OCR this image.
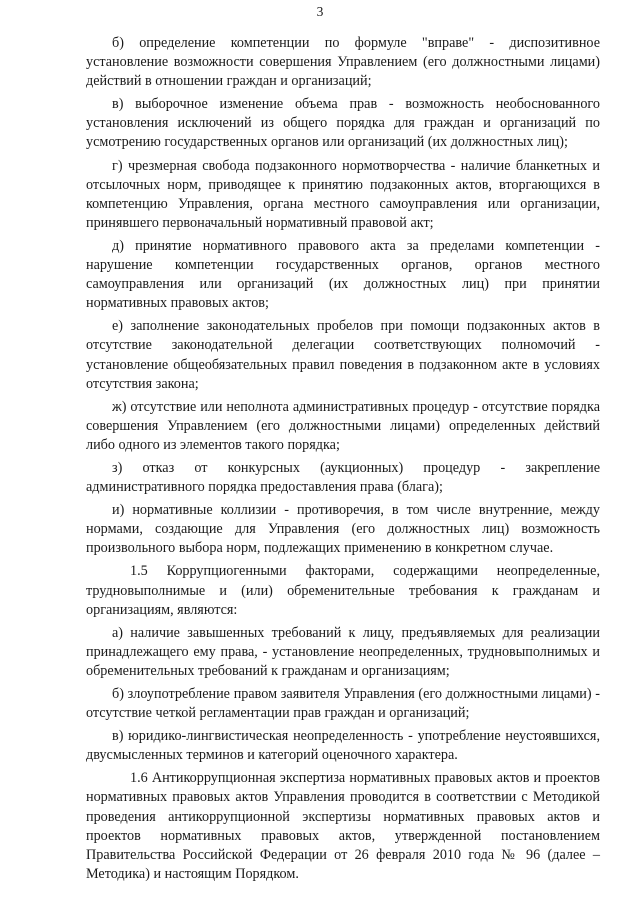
3

б) определение компетенции по формуле "вправе" - диспозитивное установление возможности совершения Управлением (его должностными лицами) действий в отношении граждан и организаций;

в) выборочное изменение объема прав - возможность необоснованного установления исключений из общего порядка для граждан и организаций по усмотрению государственных органов или организаций (их должностных лиц);

г) чрезмерная свобода подзаконного нормотворчества - наличие бланкетных и отсылочных норм, приводящее к принятию подзаконных актов, вторгающихся в компетенцию Управления, органа местного самоуправления или организации, принявшего первоначальный нормативный правовой акт;

д) принятие нормативного правового акта за пределами компетенции - нарушение компетенции государственных органов, органов местного самоуправления или организаций (их должностных лиц) при принятии нормативных правовых актов;

е) заполнение законодательных пробелов при помощи подзаконных актов в отсутствие законодательной делегации соответствующих полномочий - установление общеобязательных правил поведения в подзаконном акте в условиях отсутствия закона;

ж) отсутствие или неполнота административных процедур - отсутствие порядка совершения Управлением (его должностными лицами) определенных действий либо одного из элементов такого порядка;

з) отказ от конкурсных (аукционных) процедур - закрепление административного порядка предоставления права (блага);

и) нормативные коллизии - противоречия, в том числе внутренние, между нормами, создающие для Управления (его должностных лиц) возможность произвольного выбора норм, подлежащих применению в конкретном случае.

1.5 Коррупциогенными факторами, содержащими неопределенные, трудновыполнимые и (или) обременительные требования к гражданам и организациям, являются:

а) наличие завышенных требований к лицу, предъявляемых для реализации принадлежащего ему права, - установление неопределенных, трудновыполнимых и обременительных требований к гражданам и организациям;

б) злоупотребление правом заявителя Управления (его должностными лицами) - отсутствие четкой регламентации прав граждан и организаций;

в) юридико-лингвистическая неопределенность - употребление неустоявшихся, двусмысленных терминов и категорий оценочного характера.

1.6 Антикоррупционная экспертиза нормативных правовых актов и проектов нормативных правовых актов Управления проводится в соответствии с Методикой проведения антикоррупционной экспертизы нормативных правовых актов и проектов нормативных правовых актов, утвержденной постановлением Правительства Российской Федерации от 26 февраля 2010 года № 96 (далее – Методика) и настоящим Порядком.
